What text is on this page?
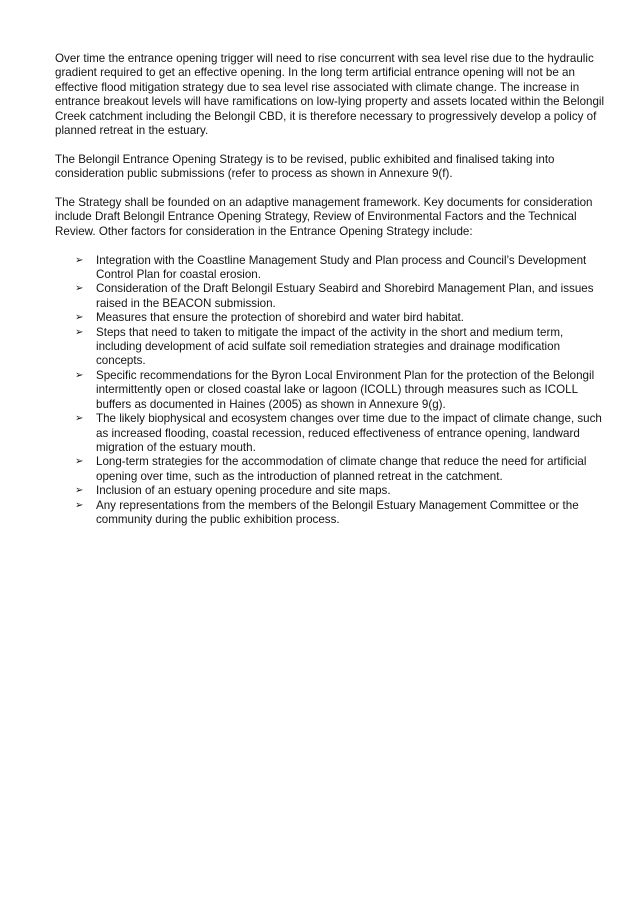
Over time the entrance opening trigger will need to rise concurrent with sea level rise due to the hydraulic gradient required to get an effective opening. In the long term artificial entrance opening will not be an effective flood mitigation strategy due to sea level rise associated with climate change. The increase in entrance breakout levels will have ramifications on low-lying property and assets located within the Belongil Creek catchment including the Belongil CBD, it is therefore necessary to progressively develop a policy of planned retreat in the estuary.

The Belongil Entrance Opening Strategy is to be revised, public exhibited and finalised taking into consideration public submissions (refer to process as shown in Annexure 9(f).

The Strategy shall be founded on an adaptive management framework. Key documents for consideration include Draft Belongil Entrance Opening Strategy, Review of Environmental Factors and the Technical Review. Other factors for consideration in the Entrance Opening Strategy include:

➢ Integration with the Coastline Management Study and Plan process and Council’s Development Control Plan for coastal erosion.
➢ Consideration of the Draft Belongil Estuary Seabird and Shorebird Management Plan, and issues raised in the BEACON submission.
➢ Measures that ensure the protection of shorebird and water bird habitat.
➢ Steps that need to taken to mitigate the impact of the activity in the short and medium term, including development of acid sulfate soil remediation strategies and drainage modification concepts.
➢ Specific recommendations for the Byron Local Environment Plan for the protection of the Belongil intermittently open or closed coastal lake or lagoon (ICOLL) through measures such as ICOLL buffers as documented in Haines (2005) as shown in Annexure 9(g).
➢ The likely biophysical and ecosystem changes over time due to the impact of climate change, such as increased flooding, coastal recession, reduced effectiveness of entrance opening, landward migration of the estuary mouth.
➢ Long-term strategies for the accommodation of climate change that reduce the need for artificial opening over time, such as the introduction of planned retreat in the catchment.
➢ Inclusion of an estuary opening procedure and site maps.
➢ Any representations from the members of the Belongil Estuary Management Committee or the community during the public exhibition process.
